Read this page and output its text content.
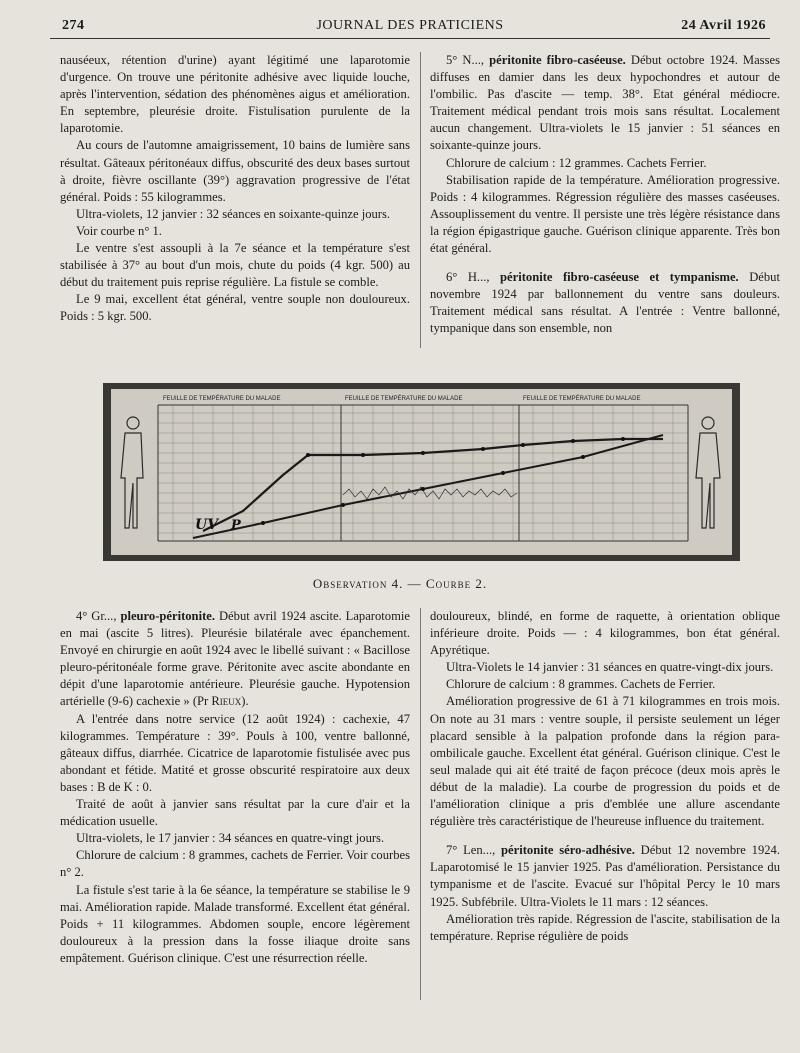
274	JOURNAL DES PRATICIENS	24 Avril 1926

nauséeux, rétention d'urine) ayant légitimé une laparotomie d'urgence. On trouve une péritonite adhésive avec liquide louche, après l'intervention, sédation des phénomènes aigus et amélioration. En septembre, pleurésie droite. Fistulisation purulente de la laparotomie.

Au cours de l'automne amaigrissement, 10 bains de lumière sans résultat. Gâteaux péritonéaux diffus, obscurité des deux bases surtout à droite, fièvre oscillante (39°) aggravation progressive de l'état général. Poids : 55 kilogrammes.

Ultra-violets, 12 janvier : 32 séances en soixante-quinze jours.

Voir courbe n° 1.

Le ventre s'est assoupli à la 7e séance et la température s'est stabilisée à 37° au bout d'un mois, chute du poids (4 kgr. 500) au début du traitement puis reprise régulière. La fistule se comble.

Le 9 mai, excellent état général, ventre souple non douloureux. Poids : 5 kgr. 500.

5° N..., péritonite fibro-caséeuse. Début octobre 1924. Masses diffuses en damier dans les deux hypochondres et autour de l'ombilic. Pas d'ascite — temp. 38°. Etat général médiocre. Traitement médical pendant trois mois sans résultat. Localement aucun changement. Ultra-violets le 15 janvier : 51 séances en soixante-quinze jours.

Chlorure de calcium : 12 grammes. Cachets Ferrier.

Stabilisation rapide de la température. Amélioration progressive. Poids : 4 kilogrammes. Régression régulière des masses caséeuses. Assouplissement du ventre. Il persiste une très légère résistance dans la région épigastrique gauche. Guérison clinique apparente. Très bon état général.

6° H..., péritonite fibro-caséeuse et tympanisme. Début novembre 1924 par ballonnement du ventre sans douleurs. Traitement médical sans résultat. A l'entrée : Ventre ballonné, tympanique dans son ensemble, non

FEUILLE DE TEMPÉRATURE DU MALADE	FEUILLE DE TEMPÉRATURE DU MALADE	FEUILLE DE TEMPÉRATURE DU MALADE
UV P
Observation 4. — Courbe 2.

4° Gr..., pleuro-péritonite. Début avril 1924 ascite. Laparotomie en mai (ascite 5 litres). Pleurésie bilatérale avec épanchement. Envoyé en chirurgie en août 1924 avec le libellé suivant : « Bacillose pleuro-péritonéale forme grave. Péritonite avec ascite abondante en dépit d'une laparotomie antérieure. Pleurésie gauche. Hypotension artérielle (9-6) cachexie » (Pr Rieux).

A l'entrée dans notre service (12 août 1924) : cachexie, 47 kilogrammes. Température : 39°. Pouls à 100, ventre ballonné, gâteaux diffus, diarrhée. Cicatrice de laparotomie fistulisée avec pus abondant et fétide. Matité et grosse obscurité respiratoire aux deux bases : B de K : 0.

Traité de août à janvier sans résultat par la cure d'air et la médication usuelle.

Ultra-violets, le 17 janvier : 34 séances en quatre-vingt jours.

Chlorure de calcium : 8 grammes, cachets de Ferrier. Voir courbes n° 2.

La fistule s'est tarie à la 6e séance, la température se stabilise le 9 mai. Amélioration rapide. Malade transformé. Excellent état général. Poids + 11 kilogrammes. Abdomen souple, encore légèrement douloureux à la pression dans la fosse iliaque droite sans empâtement. Guérison clinique. C'est une résurrection réelle.

douloureux, blindé, en forme de raquette, à orientation oblique inférieure droite. Poids — : 4 kilogrammes, bon état général. Apyrétique.

Ultra-Violets le 14 janvier : 31 séances en quatre-vingt-dix jours.

Chlorure de calcium : 8 grammes. Cachets de Ferrier.

Amélioration progressive de 61 à 71 kilogrammes en trois mois. On note au 31 mars : ventre souple, il persiste seulement un léger placard sensible à la palpation profonde dans la région para-ombilicale gauche. Excellent état général. Guérison clinique. C'est le seul malade qui ait été traité de façon précoce (deux mois après le début de la maladie). La courbe de progression du poids et de l'amélioration clinique a pris d'emblée une allure ascendante régulière très caractéristique de l'heureuse influence du traitement.

7° Len..., péritonite séro-adhésive. Début 12 novembre 1924. Laparotomisé le 15 janvier 1925. Pas d'amélioration. Persistance du tympanisme et de l'ascite. Evacué sur l'hôpital Percy le 10 mars 1925. Subfébrile. Ultra-Violets le 11 mars : 12 séances.

Amélioration très rapide. Régression de l'ascite, stabilisation de la température. Reprise régulière de poids
